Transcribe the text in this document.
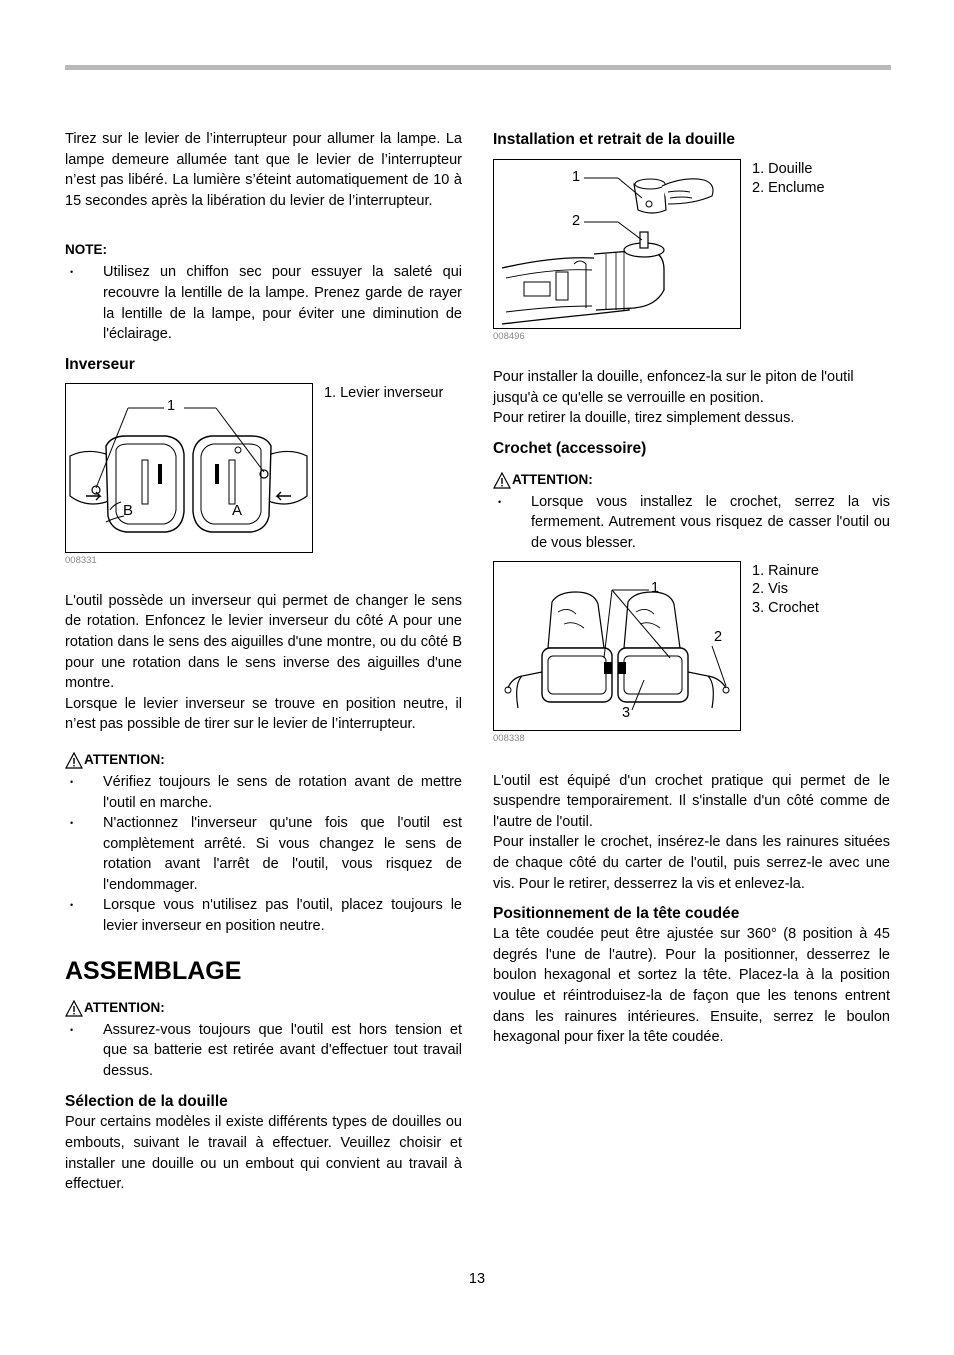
Tirez sur le levier de l’interrupteur pour allumer la lampe. La lampe demeure allumée tant que le levier de l’interrupteur n’est pas libéré. La lumière s’éteint automatiquement de 10 à 15 secondes après la libération du levier de l’interrupteur.

NOTE:
• Utilisez un chiffon sec pour essuyer la saleté qui recouvre la lentille de la lampe. Prenez garde de rayer la lentille de la lampe, pour éviter une diminution de l'éclairage.
Inverseur
1
B	A
008331
1. Levier inverseur

L'outil possède un inverseur qui permet de changer le sens de rotation. Enfoncez le levier inverseur du côté A pour une rotation dans le sens des aiguilles d'une montre, ou du côté B pour une rotation dans le sens inverse des aiguilles d'une montre.

Lorsque le levier inverseur se trouve en position neutre, il n’est pas possible de tirer sur le levier de l’interrupteur.

ATTENTION:
• Vérifiez toujours le sens de rotation avant de mettre l'outil en marche.
• N'actionnez l'inverseur qu'une fois que l'outil est complètement arrêté. Si vous changez le sens de rotation avant l'arrêt de l'outil, vous risquez de l'endommager.
• Lorsque vous n'utilisez pas l'outil, placez toujours le levier inverseur en position neutre.
ASSEMBLAGE
ATTENTION:
• Assurez-vous toujours que l'outil est hors tension et que sa batterie est retirée avant d'effectuer tout travail dessus.
Sélection de la douille

Pour certains modèles il existe différents types de douilles ou embouts, suivant le travail à effectuer. Veuillez choisir et installer une douille ou un embout qui convient au travail à effectuer.

Installation et retrait de la douille
1
2
008496
1. Douille
2. Enclume

Pour installer la douille, enfoncez-la sur le piton de l'outil jusqu'à ce qu'elle se verrouille en position.

Pour retirer la douille, tirez simplement dessus.

Crochet (accessoire)
ATTENTION:
• Lorsque vous installez le crochet, serrez la vis fermement. Autrement vous risquez de casser l'outil ou de vous blesser.
1
2
3
008338
1. Rainure
2. Vis
3. Crochet

L'outil est équipé d'un crochet pratique qui permet de le suspendre temporairement. Il s'installe d'un côté comme de l'autre de l'outil.

Pour installer le crochet, insérez-le dans les rainures situées de chaque côté du carter de l'outil, puis serrez-le avec une vis. Pour le retirer, desserrez la vis et enlevez-la.

Positionnement de la tête coudée

La tête coudée peut être ajustée sur 360° (8 position à 45 degrés l'une de l'autre). Pour la positionner, desserrez le boulon hexagonal et sortez la tête. Placez-la à la position voulue et réintroduisez-la de façon que les tenons entrent dans les rainures intérieures. Ensuite, serrez le boulon hexagonal pour fixer la tête coudée.

13
